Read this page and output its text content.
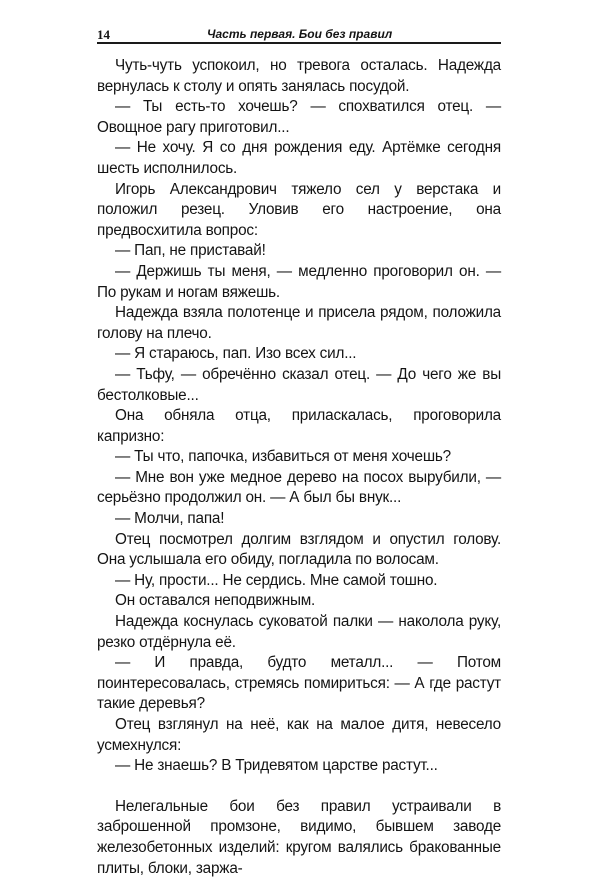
14	Часть первая. Бои без правил

Чуть-чуть успокоил, но тревога осталась. Надежда вернулась к столу и опять занялась посудой.

— Ты есть-то хочешь? — спохватился отец. — Овощное рагу приготовил...

— Не хочу. Я со дня рождения еду. Артёмке сегодня шесть исполнилось.

Игорь Александрович тяжело сел у верстака и положил резец. Уловив его настроение, она предвосхитила вопрос:

— Пап, не приставай!

— Держишь ты меня, — медленно проговорил он. — По рукам и ногам вяжешь.

Надежда взяла полотенце и присела рядом, положила голову на плечо.

— Я стараюсь, пап. Изо всех сил...

— Тьфу, — обречённо сказал отец. — До чего же вы бестолковые...

Она обняла отца, приласкалась, проговорила капризно:

— Ты что, папочка, избавиться от меня хочешь?

— Мне вон уже медное дерево на посох вырубили, — серьёзно продолжил он. — А был бы внук...

— Молчи, папа!

Отец посмотрел долгим взглядом и опустил голову. Она услышала его обиду, погладила по волосам.

— Ну, прости... Не сердись. Мне самой тошно.

Он оставался неподвижным.

Надежда коснулась суковатой палки — наколола руку, резко отдёрнула её.

— И правда, будто металл... — Потом поинтересовалась, стремясь помириться: — А где растут такие деревья?

Отец взглянул на неё, как на малое дитя, невесело усмехнулся:

— Не знаешь? В Тридевятом царстве растут...

Нелегальные бои без правил устраивали в заброшенной промзоне, видимо, бывшем заводе железобетонных изделий: кругом валялись бракованные плиты, блоки, заржа-
